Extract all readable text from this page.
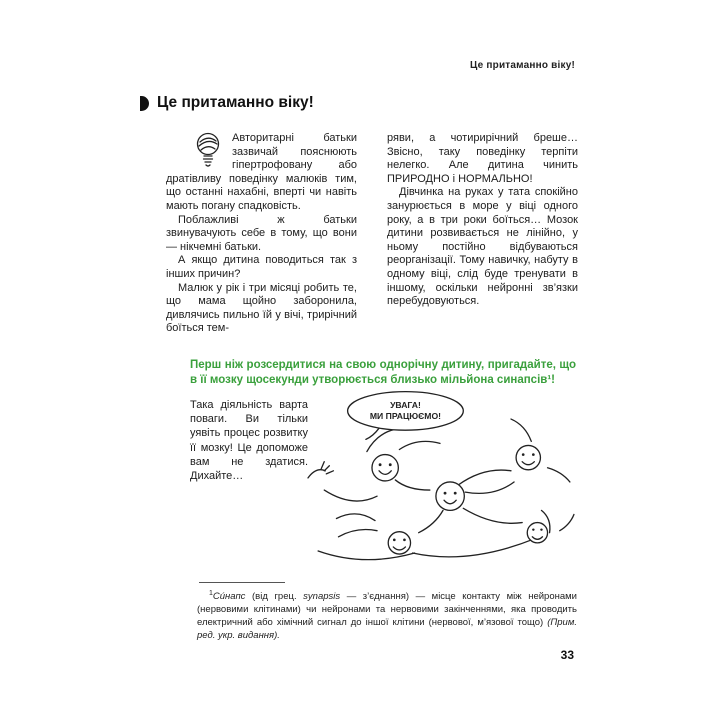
Це притаманно віку!
Це притаманно віку!

Авторитарні батьки зазвичай пояснюють гіпертрофовану або дратівливу поведінку малюків тим, що останні нахабні, вперті чи навіть мають погану спадковість.

Поблажливі ж батьки звинувачують себе в тому, що вони — нікчемні батьки.

А якщо дитина поводиться так з інших причин?

Малюк у рік і три місяці робить те, що мама щойно заборонила, дивлячись пильно їй у вічі, трирічний боїться тем-

ряви, а чотирирічний бреше… Звісно, таку поведінку терпіти нелегко. Але дитина чинить ПРИРОДНО і НОРМАЛЬНО!

Дівчинка на руках у тата спокійно занурюється в море у віці одного року, а в три роки боїться… Мозок дитини розвивається не лінійно, у ньому постійно відбуваються реорганізації. Тому навичку, набуту в одному віці, слід буде тренувати в іншому, оскільки нейронні зв’язки перебудовуються.

Перш ніж розсердитися на свою однорічну дитину, пригадайте, що в її мозку щосекунди утворюється близько мільйона синапсів¹!
Така діяльність варта поваги. Ви тільки уявіть процес розвитку її мозку! Це допоможе вам не здатися. Дихайте…
УВАГА!
МИ ПРАЦЮЄМО!

$^1$Сúнапс (від грец. synapsis — з’єднання) — місце контакту між нейронами (нервовими клітинами) чи нейронами та нервовими закінченнями, яка проводить електричний або хімічний сигнал до іншої клітини (нервової, м’язової тощо) (Прим. ред. укр. видання).

33
